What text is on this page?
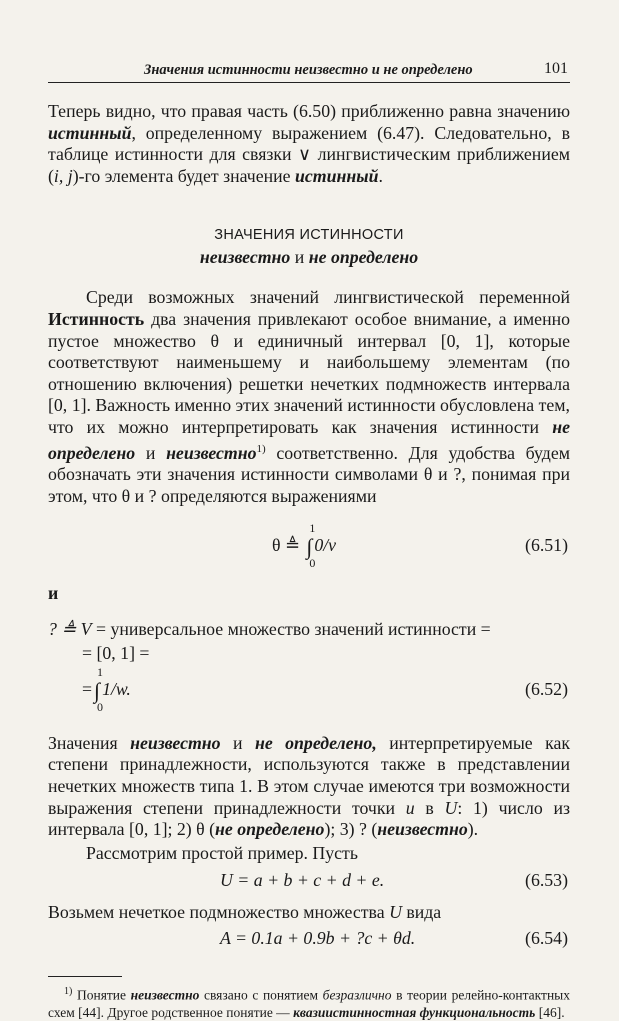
Значения истинности неизвестно и не определено	101

Теперь видно, что правая часть (6.50) приближенно равна значению истинный, определенному выражением (6.47). Следовательно, в таблице истинности для связки ∨ лингвистическим приближением (i, j)-го элемента будет значение истинный.

ЗНАЧЕНИЯ ИСТИННОСТИ
неизвестно и не определено

Среди возможных значений лингвистической переменной Истинность два значения привлекают особое внимание, а именно пустое множество θ и единичный интервал [0, 1], которые соответствуют наименьшему и наибольшему элементам (по отношению включения) решетки нечетких подмножеств интервала [0, 1]. Важность именно этих значений истинности обусловлена тем, что их можно интерпретировать как значения истинности не определено и неизвестно$^{1)}$ соответственно. Для удобства будем обозначать эти значения истинности символами θ и ?, понимая при этом, что θ и ? определяются выражениями

θ ≜ ∫
1
0
0/v	(6.51)

и

? ≜ V = универсальное множество значений истинности =
= [0, 1] =
=∫
1
0
1/w.	(6.52)

Значения неизвестно и не определено, интерпретируемые как степени принадлежности, используются также в представлении нечетких множеств типа 1. В этом случае имеются три возможности выражения степени принадлежности точки u в U: 1) число из интервала [0, 1]; 2) θ (не определено); 3) ? (неизвестно).

Рассмотрим простой пример. Пусть

U = a + b + c + d + e.	(6.53)

Возьмем нечеткое подмножество множества U вида

A = 0.1a + 0.9b + ?c + θd.	(6.54)

$^{1)}$ Понятие неизвестно связано с понятием безразлично в теории релейно-контактных схем [44]. Другое родственное понятие — квазиистинностная функциональность [46].
